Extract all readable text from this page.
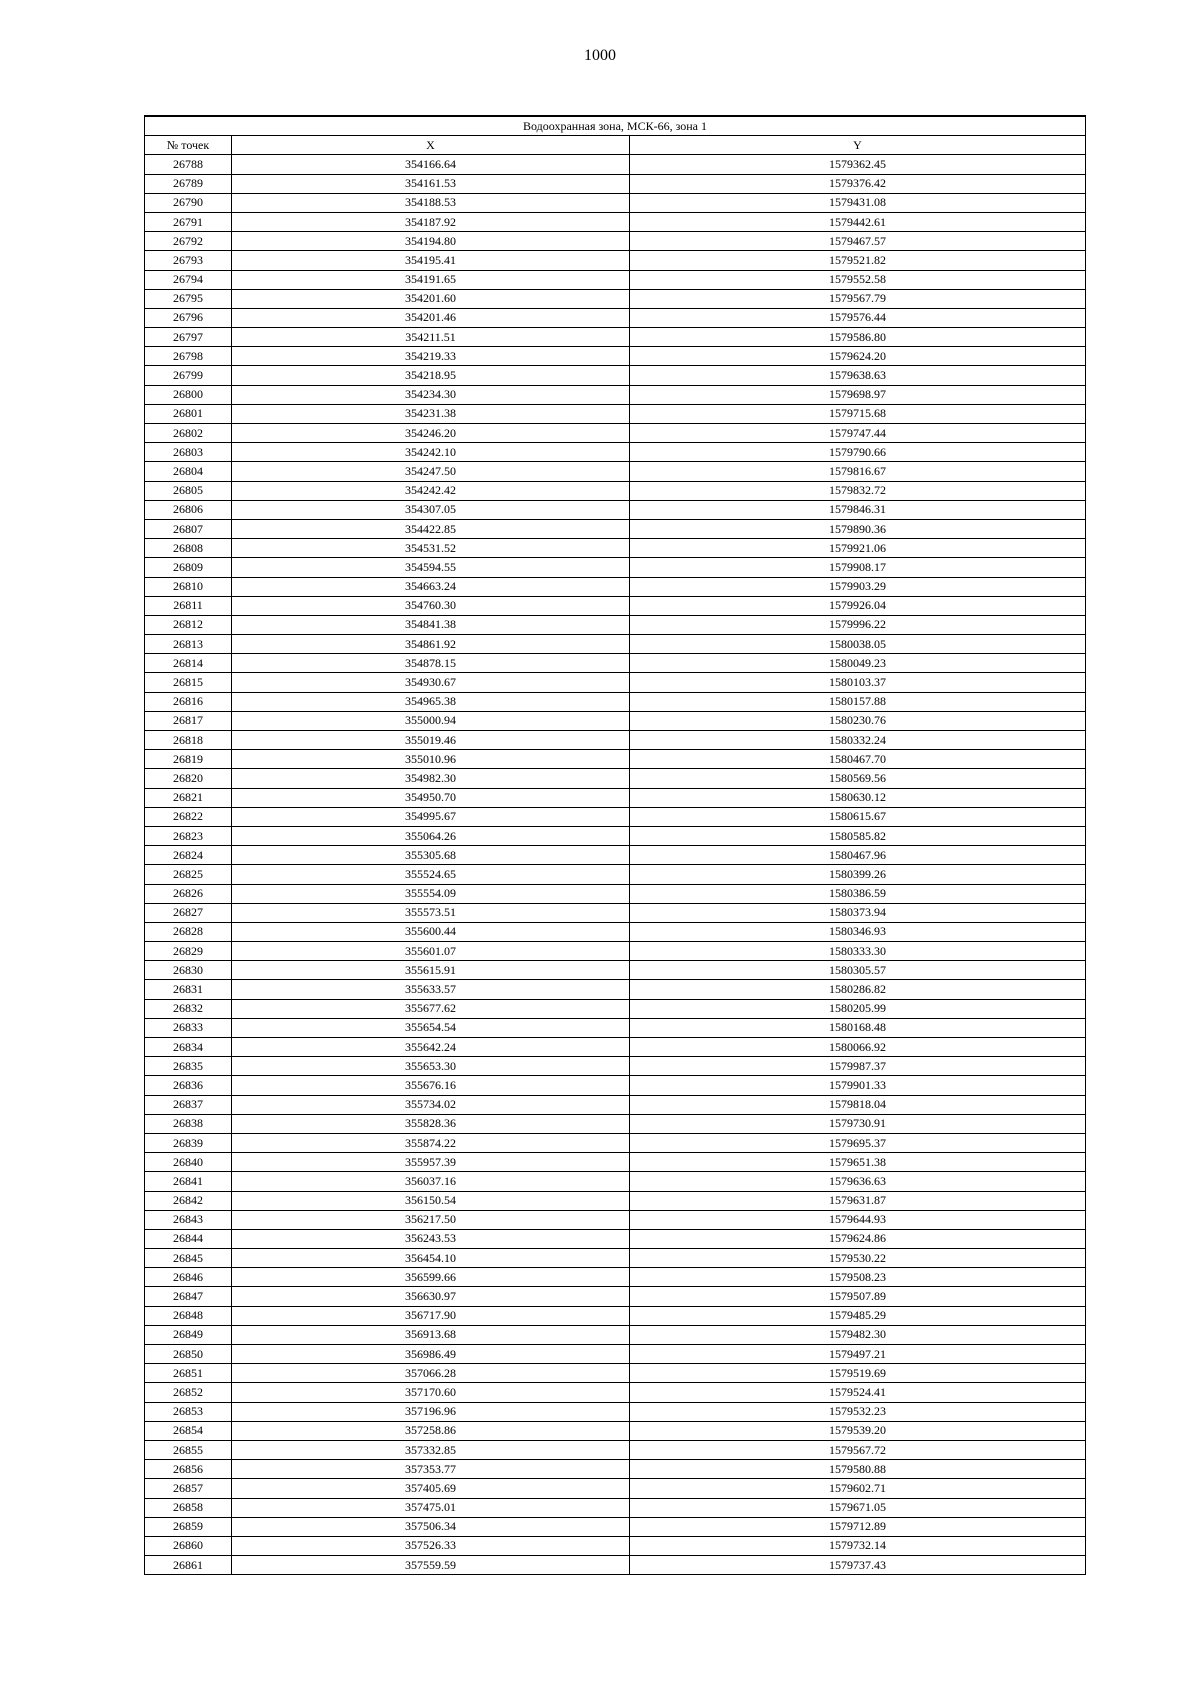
1000
Водоохранная зона, МСК-66, зона 1		
№ точек	X	Y
26788	354166.64	1579362.45
26789	354161.53	1579376.42
26790	354188.53	1579431.08
26791	354187.92	1579442.61
26792	354194.80	1579467.57
26793	354195.41	1579521.82
26794	354191.65	1579552.58
26795	354201.60	1579567.79
26796	354201.46	1579576.44
26797	354211.51	1579586.80
26798	354219.33	1579624.20
26799	354218.95	1579638.63
26800	354234.30	1579698.97
26801	354231.38	1579715.68
26802	354246.20	1579747.44
26803	354242.10	1579790.66
26804	354247.50	1579816.67
26805	354242.42	1579832.72
26806	354307.05	1579846.31
26807	354422.85	1579890.36
26808	354531.52	1579921.06
26809	354594.55	1579908.17
26810	354663.24	1579903.29
26811	354760.30	1579926.04
26812	354841.38	1579996.22
26813	354861.92	1580038.05
26814	354878.15	1580049.23
26815	354930.67	1580103.37
26816	354965.38	1580157.88
26817	355000.94	1580230.76
26818	355019.46	1580332.24
26819	355010.96	1580467.70
26820	354982.30	1580569.56
26821	354950.70	1580630.12
26822	354995.67	1580615.67
26823	355064.26	1580585.82
26824	355305.68	1580467.96
26825	355524.65	1580399.26
26826	355554.09	1580386.59
26827	355573.51	1580373.94
26828	355600.44	1580346.93
26829	355601.07	1580333.30
26830	355615.91	1580305.57
26831	355633.57	1580286.82
26832	355677.62	1580205.99
26833	355654.54	1580168.48
26834	355642.24	1580066.92
26835	355653.30	1579987.37
26836	355676.16	1579901.33
26837	355734.02	1579818.04
26838	355828.36	1579730.91
26839	355874.22	1579695.37
26840	355957.39	1579651.38
26841	356037.16	1579636.63
26842	356150.54	1579631.87
26843	356217.50	1579644.93
26844	356243.53	1579624.86
26845	356454.10	1579530.22
26846	356599.66	1579508.23
26847	356630.97	1579507.89
26848	356717.90	1579485.29
26849	356913.68	1579482.30
26850	356986.49	1579497.21
26851	357066.28	1579519.69
26852	357170.60	1579524.41
26853	357196.96	1579532.23
26854	357258.86	1579539.20
26855	357332.85	1579567.72
26856	357353.77	1579580.88
26857	357405.69	1579602.71
26858	357475.01	1579671.05
26859	357506.34	1579712.89
26860	357526.33	1579732.14
26861	357559.59	1579737.43
